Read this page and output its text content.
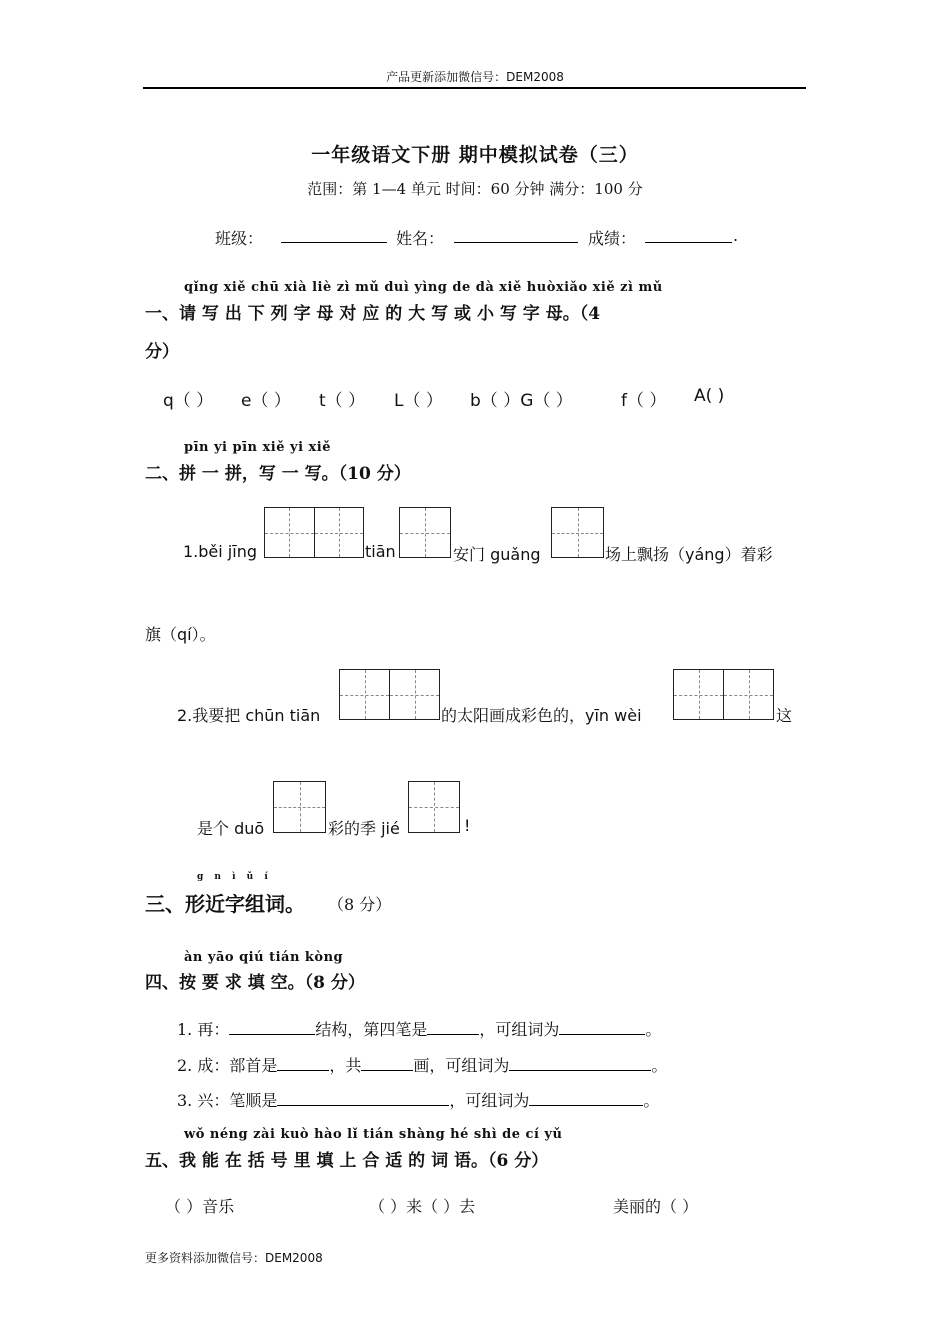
产品更新添加微信号：DEM2008
一年级语文下册 期中模拟试卷（三）
范围：第 1—4 单元 时间：60 分钟 满分：100 分
班级：	姓名：	成绩：	.
qǐng xiě chū xià liè zì mǔ duì yìng de dà xiě huòxiǎo xiě zì mǔ
一、请 写 出 下 列 字 母 对 应 的 大 写 或 小 写 字 母。（4
分）
q（ ） e（ ） t（ ） L（ ） b（ ）G（ ）	f（ ） A( )
pīn yi pīn xiě yi xiě
二、拼 一 拼，写 一 写。（10 分）
1.běi jīng	tiān	安门 guǎng	场上飘扬（yáng）着彩
旗（qí）。
2.我要把 chūn tiān	的太阳画成彩色的，yīn wèi	这
是个 duō	彩的季 jié	!
g n ì ǔ í
三、形近字组词。 （8 分）
àn yāo qiú tián kòng
四、按 要 求 填 空。（8 分）
1. 再：	结构，第四笔是	，可组词为	。
2. 成：部首是	，共	画，可组词为	。
3. 兴：笔顺是	，可组词为	。
wǒ néng zài kuò hào lǐ tián shàng hé shì de cí yǔ
五、我 能 在 括 号 里 填 上 合 适 的 词 语。（6 分）
（ ）音乐	（ ）来（ ）去	美丽的（ ）
更多资料添加微信号：DEM2008
